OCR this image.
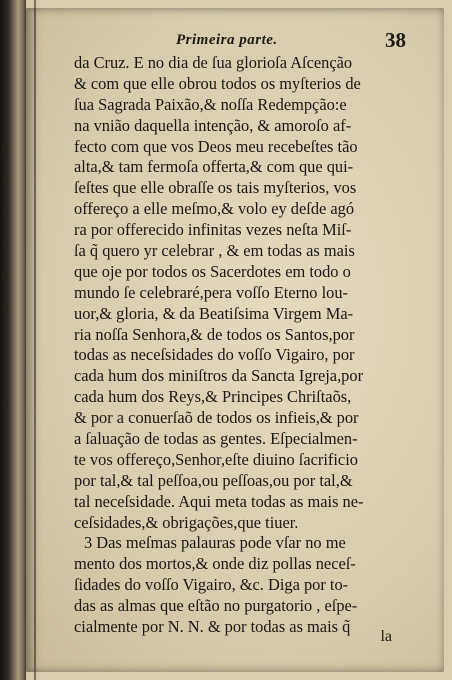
f
s
i
ı
e
s
-
-
r
Primeira parte.	38
da Cruz. E no dia de ſua glorioſa Aſcenção
& com que elle obrou todos os myſterios de
ſua Sagrada Paixão,& noſſa Redempção:e
na vnião daquella intenção, & amoroſo af-
fecto com que vos Deos meu recebeſtes tão
alta,& tam fermoſa offerta,& com que qui-
ſeſtes que elle obraſſe os tais myſterios, vos
offereço a elle meſmo,& volo ey deſde agó
ra por offerecido infinitas vezes neſta Miſ-
ſa q̃ quero yr celebrar , & em todas as mais
que oje por todos os Sacerdotes em todo o
mundo ſe celebraré,pera voſſo Eterno lou-
uor,& gloria, & da Beatiſsima Virgem Ma-
ria noſſa Senhora,& de todos os Santos,por
todas as neceſsidades do voſſo Vigairo, por
cada hum dos miniſtros da Sancta Igreja,por
cada hum dos Reys,& Principes Chriſtaõs,
& por a conuerſaõ de todos os infieis,& por
a ſaluação de todas as gentes. Eſpecialmen-
te vos offereço,Senhor,eſte diuino ſacrificio
por tal,& tal peſſoa,ou peſſoas,ou por tal,&
tal neceſsidade. Aqui meta todas as mais ne-
ceſsidades,& obrigações,que tiuer.
3 Das meſmas palauras pode vſar no me
mento dos mortos,& onde diz pollas neceſ-
ſidades do voſſo Vigairo, &c. Diga por to-
das as almas que eſtão no purgatorio , eſpe-
cialmente por N. N. & por todas as mais q̃
la
